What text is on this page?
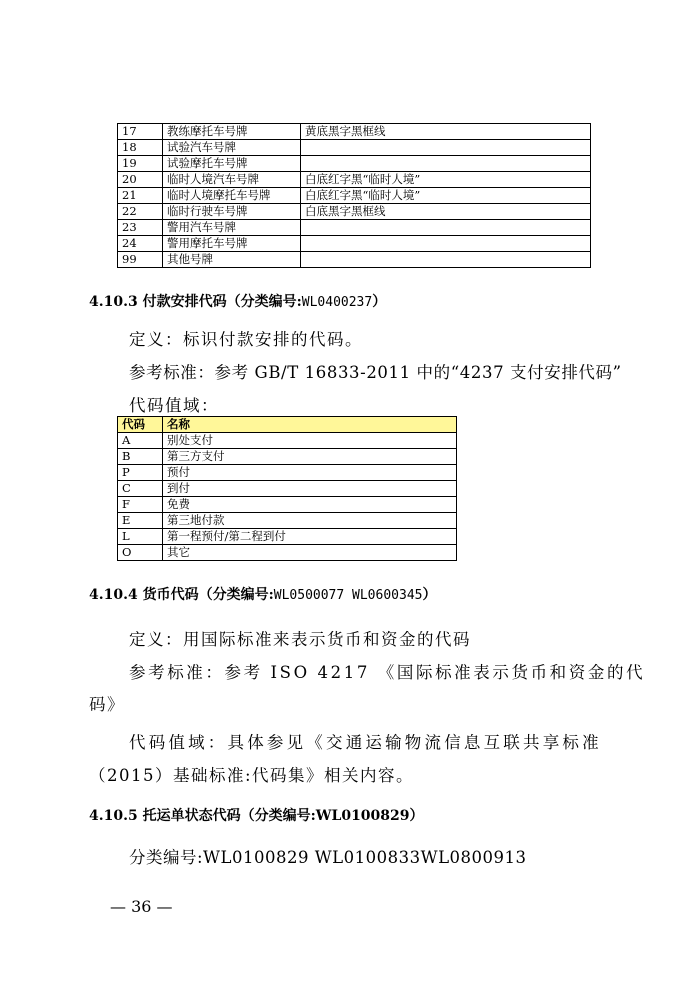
17	教练摩托车号牌	黄底黑字黑框线
18	试验汽车号牌	
19	试验摩托车号牌	
20	临时人境汽车号牌	白底红字黑“临时人境”
21	临时人境摩托车号牌	白底红字黑“临时人境”
22	临时行驶车号牌	白底黑字黑框线
23	警用汽车号牌	
24	警用摩托车号牌	
99	其他号牌	
4.10.3 付款安排代码（分类编号:WL0400237）
定义：标识付款安排的代码。
参考标准：参考 GB/T 16833-2011 中的“4237 支付安排代码”
代码值域：
代码	名称
A	别处支付
B	第三方支付
P	预付
C	到付
F	免费
E	第三地付款
L	第一程预付/第二程到付
O	其它
4.10.4 货币代码（分类编号:WL0500077 WL0600345）
定义：用国际标准来表示货币和资金的代码
参考标准：参考 ISO 4217 《国际标准表示货币和资金的代
码》
代码值域：具体参见《交通运输物流信息互联共享标准
（2015）基础标准:代码集》相关内容。
4.10.5 托运单状态代码（分类编号:WL0100829）
分类编号:WL0100829 WL0100833WL0800913
— 36 —
